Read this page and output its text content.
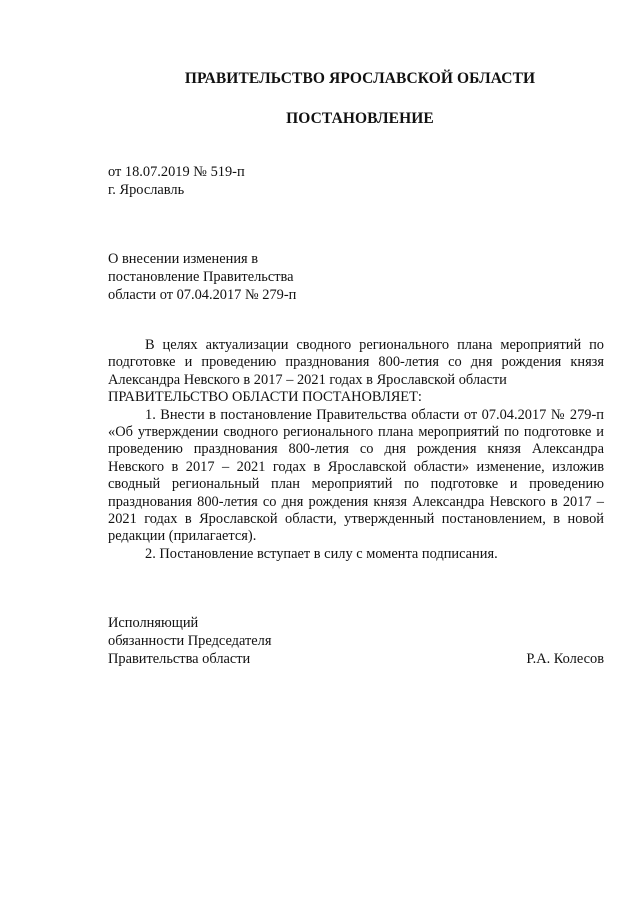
ПРАВИТЕЛЬСТВО ЯРОСЛАВСКОЙ ОБЛАСТИ
ПОСТАНОВЛЕНИЕ
от 18.07.2019 № 519-п
г. Ярославль
О внесении изменения в
постановление Правительства
области от 07.04.2017 № 279-п

В целях актуализации сводного регионального плана мероприятий по подготовке и проведению празднования 800-летия со дня рождения князя Александра Невского в 2017 – 2021 годах в Ярославской области

ПРАВИТЕЛЬСТВО ОБЛАСТИ ПОСТАНОВЛЯЕТ:

1. Внести в постановление Правительства области от 07.04.2017 № 279-п «Об утверждении сводного регионального плана мероприятий по подготовке и проведению празднования 800-летия со дня рождения князя Александра Невского в 2017 – 2021 годах в Ярославской области» изменение, изложив сводный региональный план мероприятий по подготовке и проведению празднования 800-летия со дня рождения князя Александра Невского в 2017 – 2021 годах в Ярославской области, утвержденный постановлением, в новой редакции (прилагается).

2. Постановление вступает в силу с момента подписания.

Исполняющий
обязанности Председателя
Правительства области	Р.А. Колесов
